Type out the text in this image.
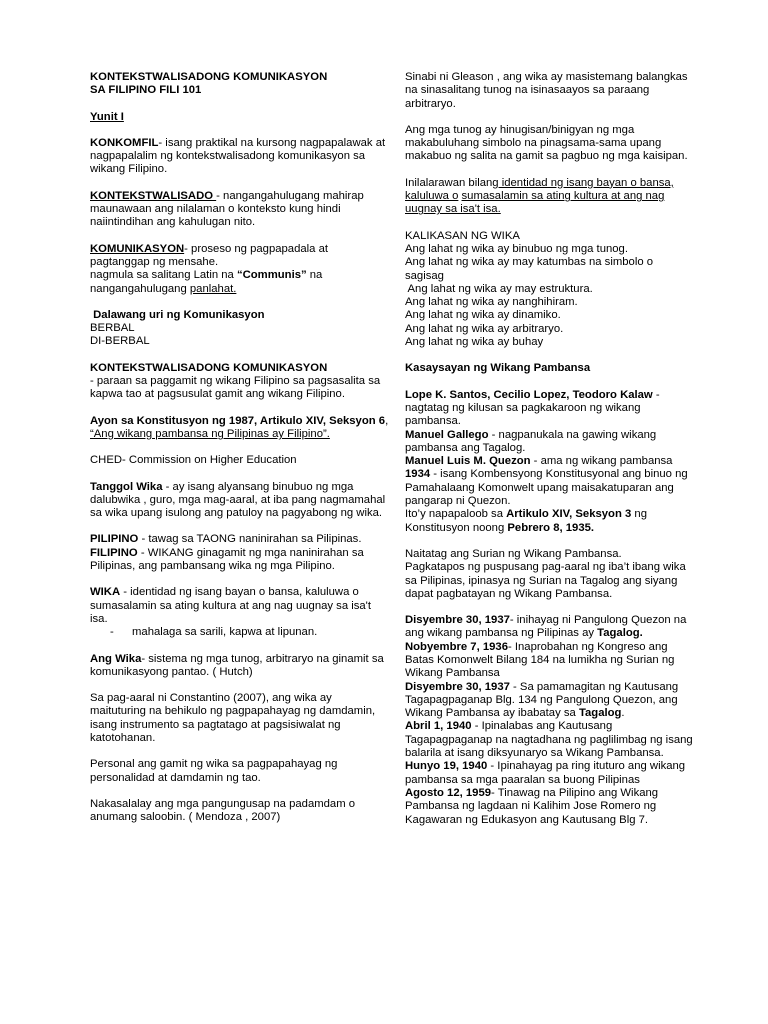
KONTEKSTWALISADONG KOMUNIKASYON
SA FILIPINO FILI 101

Yunit I

KONKOMFIL- isang praktikal na kursong nagpapalawak at nagpapalalim ng kontekstwalisadong komunikasyon sa wikang Filipino.

KONTEKSTWALISADO - nangangahulugang mahirap maunawaan ang nilalaman o konteksto kung hindi naiintindihan ang kahulugan nito.

KOMUNIKASYON- proseso ng pagpapadala at pagtanggap ng mensahe.
nagmula sa salitang Latin na “Communis” na nangangahulugang panlahat.

Dalawang uri ng Komunikasyon
BERBAL
DI-BERBAL

KONTEKSTWALISADONG KOMUNIKASYON
- paraan sa paggamit ng wikang Filipino sa pagsasalita sa kapwa tao at pagsusulat gamit ang wikang Filipino.

Ayon sa Konstitusyon ng 1987, Artikulo XIV, Seksyon 6, “Ang wikang pambansa ng Pilipinas ay Filipino”.

CHED- Commission on Higher Education

Tanggol Wika - ay isang alyansang binubuo ng mga dalubwika , guro, mga mag-aaral, at iba pang nagmamahal sa wika upang isulong ang patuloy na pagyabong ng wika.

PILIPINO - tawag sa TAONG naninirahan sa Pilipinas.
FILIPINO - WIKANG ginagamit ng mga naninirahan sa Pilipinas, ang pambansang wika ng mga Pilipino.

WIKA - identidad ng isang bayan o bansa, kaluluwa o sumasalamin sa ating kultura at ang nag uugnay sa isa't isa.

-	mahalaga sa sarili, kapwa at lipunan.

Ang Wika- sistema ng mga tunog, arbitraryo na ginamit sa komunikasyong pantao. ( Hutch)

Sa pag-aaral ni Constantino (2007), ang wika ay maituturing na behikulo ng pagpapahayag ng damdamin, isang instrumento sa pagtatago at pagsisiwalat ng katotohanan.

Personal ang gamit ng wika sa pagpapahayag ng personalidad at damdamin ng tao.

Nakasalalay ang mga pangungusap na padamdam o anumang saloobin. ( Mendoza , 2007)

Sinabi ni Gleason , ang wika ay masistemang balangkas na sinasalitang tunog na isinasaayos sa paraang arbitraryo.

Ang mga tunog ay hinugisan/binigyan ng mga makabuluhang simbolo na pinagsama-sama upang makabuo ng salita na gamit sa pagbuo ng mga kaisipan.

Inilalarawan bilang identidad ng isang bayan o bansa, kaluluwa o sumasalamin sa ating kultura at ang nag uugnay sa isa't isa.

KALIKASAN NG WIKA
Ang lahat ng wika ay binubuo ng mga tunog.
Ang lahat ng wika ay may katumbas na simbolo o sagisag
Ang lahat ng wika ay may estruktura.
Ang lahat ng wika ay nanghihiram.
Ang lahat ng wika ay dinamiko.
Ang lahat ng wika ay arbitraryo.
Ang lahat ng wika ay buhay

Kasaysayan ng Wikang Pambansa

Lope K. Santos, Cecilio Lopez, Teodoro Kalaw - nagtatag ng kilusan sa pagkakaroon ng wikang pambansa.
Manuel Gallego - nagpanukala na gawing wikang pambansa ang Tagalog.
Manuel Luis M. Quezon - ama ng wikang pambansa
1934 - isang Kombensyong Konstitusyonal ang binuo ng Pamahalaang Komonwelt upang maisakatuparan ang pangarap ni Quezon.
Ito’y napapaloob sa Artikulo XIV, Seksyon 3 ng Konstitusyon noong Pebrero 8, 1935.

Naitatag ang Surian ng Wikang Pambansa.
Pagkatapos ng puspusang pag-aaral ng iba’t ibang wika sa Pilipinas, ipinasya ng Surian na Tagalog ang siyang dapat pagbatayan ng Wikang Pambansa.

Disyembre 30, 1937- inihayag ni Pangulong Quezon na ang wikang pambansa ng Pilipinas ay Tagalog.
Nobyembre 7, 1936- Inaprobahan ng Kongreso ang Batas Komonwelt Bilang 184 na lumikha ng Surian ng Wikang Pambansa
Disyembre 30, 1937 - Sa pamamagitan ng Kautusang Tagapagpaganap Blg. 134 ng Pangulong Quezon, ang Wikang Pambansa ay ibabatay sa Tagalog.
Abril 1, 1940 - Ipinalabas ang Kautusang Tagapagpaganap na nagtadhana ng paglilimbag ng isang balarila at isang diksyunaryo sa Wikang Pambansa.
Hunyo 19, 1940 - Ipinahayag pa ring ituturo ang wikang pambansa sa mga paaralan sa buong Pilipinas
Agosto 12, 1959- Tinawag na Pilipino ang Wikang Pambansa ng lagdaan ni Kalihim Jose Romero ng Kagawaran ng Edukasyon ang Kautusang Blg 7.
